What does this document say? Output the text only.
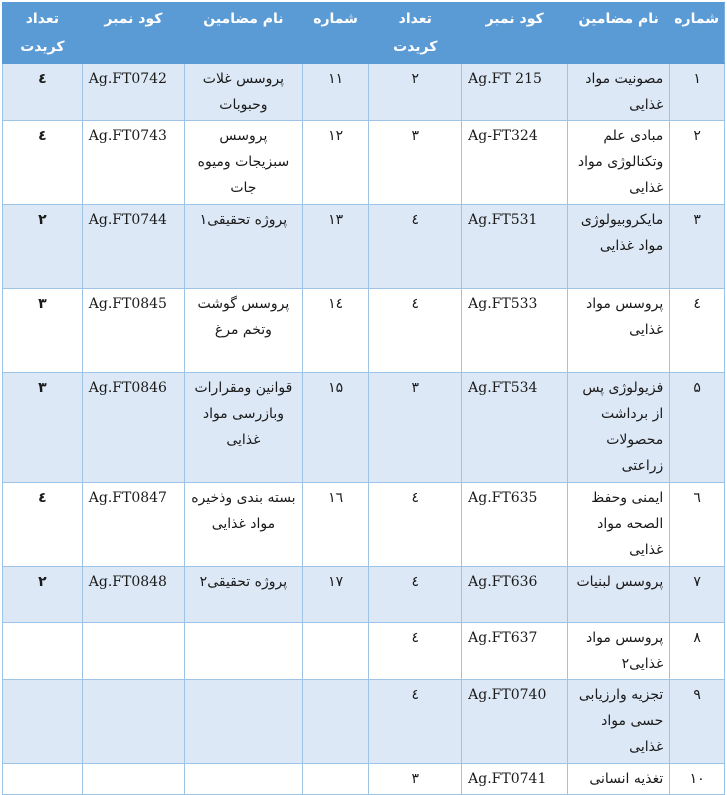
شماره	نام مضامین	کود نمبر	تعداد کریدت	شماره	نام مضامین	کود نمبر	تعداد کریدت
۱	مصونیت مواد غذایی	Ag.FT 215	۲	۱۱	پروسس غلات وحبوبات	Ag.FT0742	٤
۲	مبادی علم وتکنالوژی مواد غذایی	Ag-FT324	۳	۱۲	پروسس سبزیجات ومیوه جات	Ag.FT0743	٤
۳	مایکروبیولوژی مواد غذایی	Ag.FT531	٤	۱۳	پروژه تحقیقی۱	Ag.FT0744	۲
٤	پروسس مواد غذایی	Ag.FT533	٤	۱٤	پروسس گوشت وتخم مرغ	Ag.FT0845	۳
۵	فزیولوژی پس از برداشت محصولات زراعتی	Ag.FT534	۳	۱۵	قوانین ومقرارات وبازرسی مواد غذایی	Ag.FT0846	۳
٦	ایمنی وحفظ الصحه مواد غذایی	Ag.FT635	٤	۱٦	بسته بندی وذخیره مواد غذایی	Ag.FT0847	٤
۷	پروسس لبنیات	Ag.FT636	٤	۱۷	پروژه تحقیقی۲	Ag.FT0848	۲
۸	پروسس مواد غذایی۲	Ag.FT637	٤				
۹	تجزیه وارزیابی حسی مواد غذایی	Ag.FT0740	٤				
۱۰	تغذیه انسانی	Ag.FT0741	۳				
